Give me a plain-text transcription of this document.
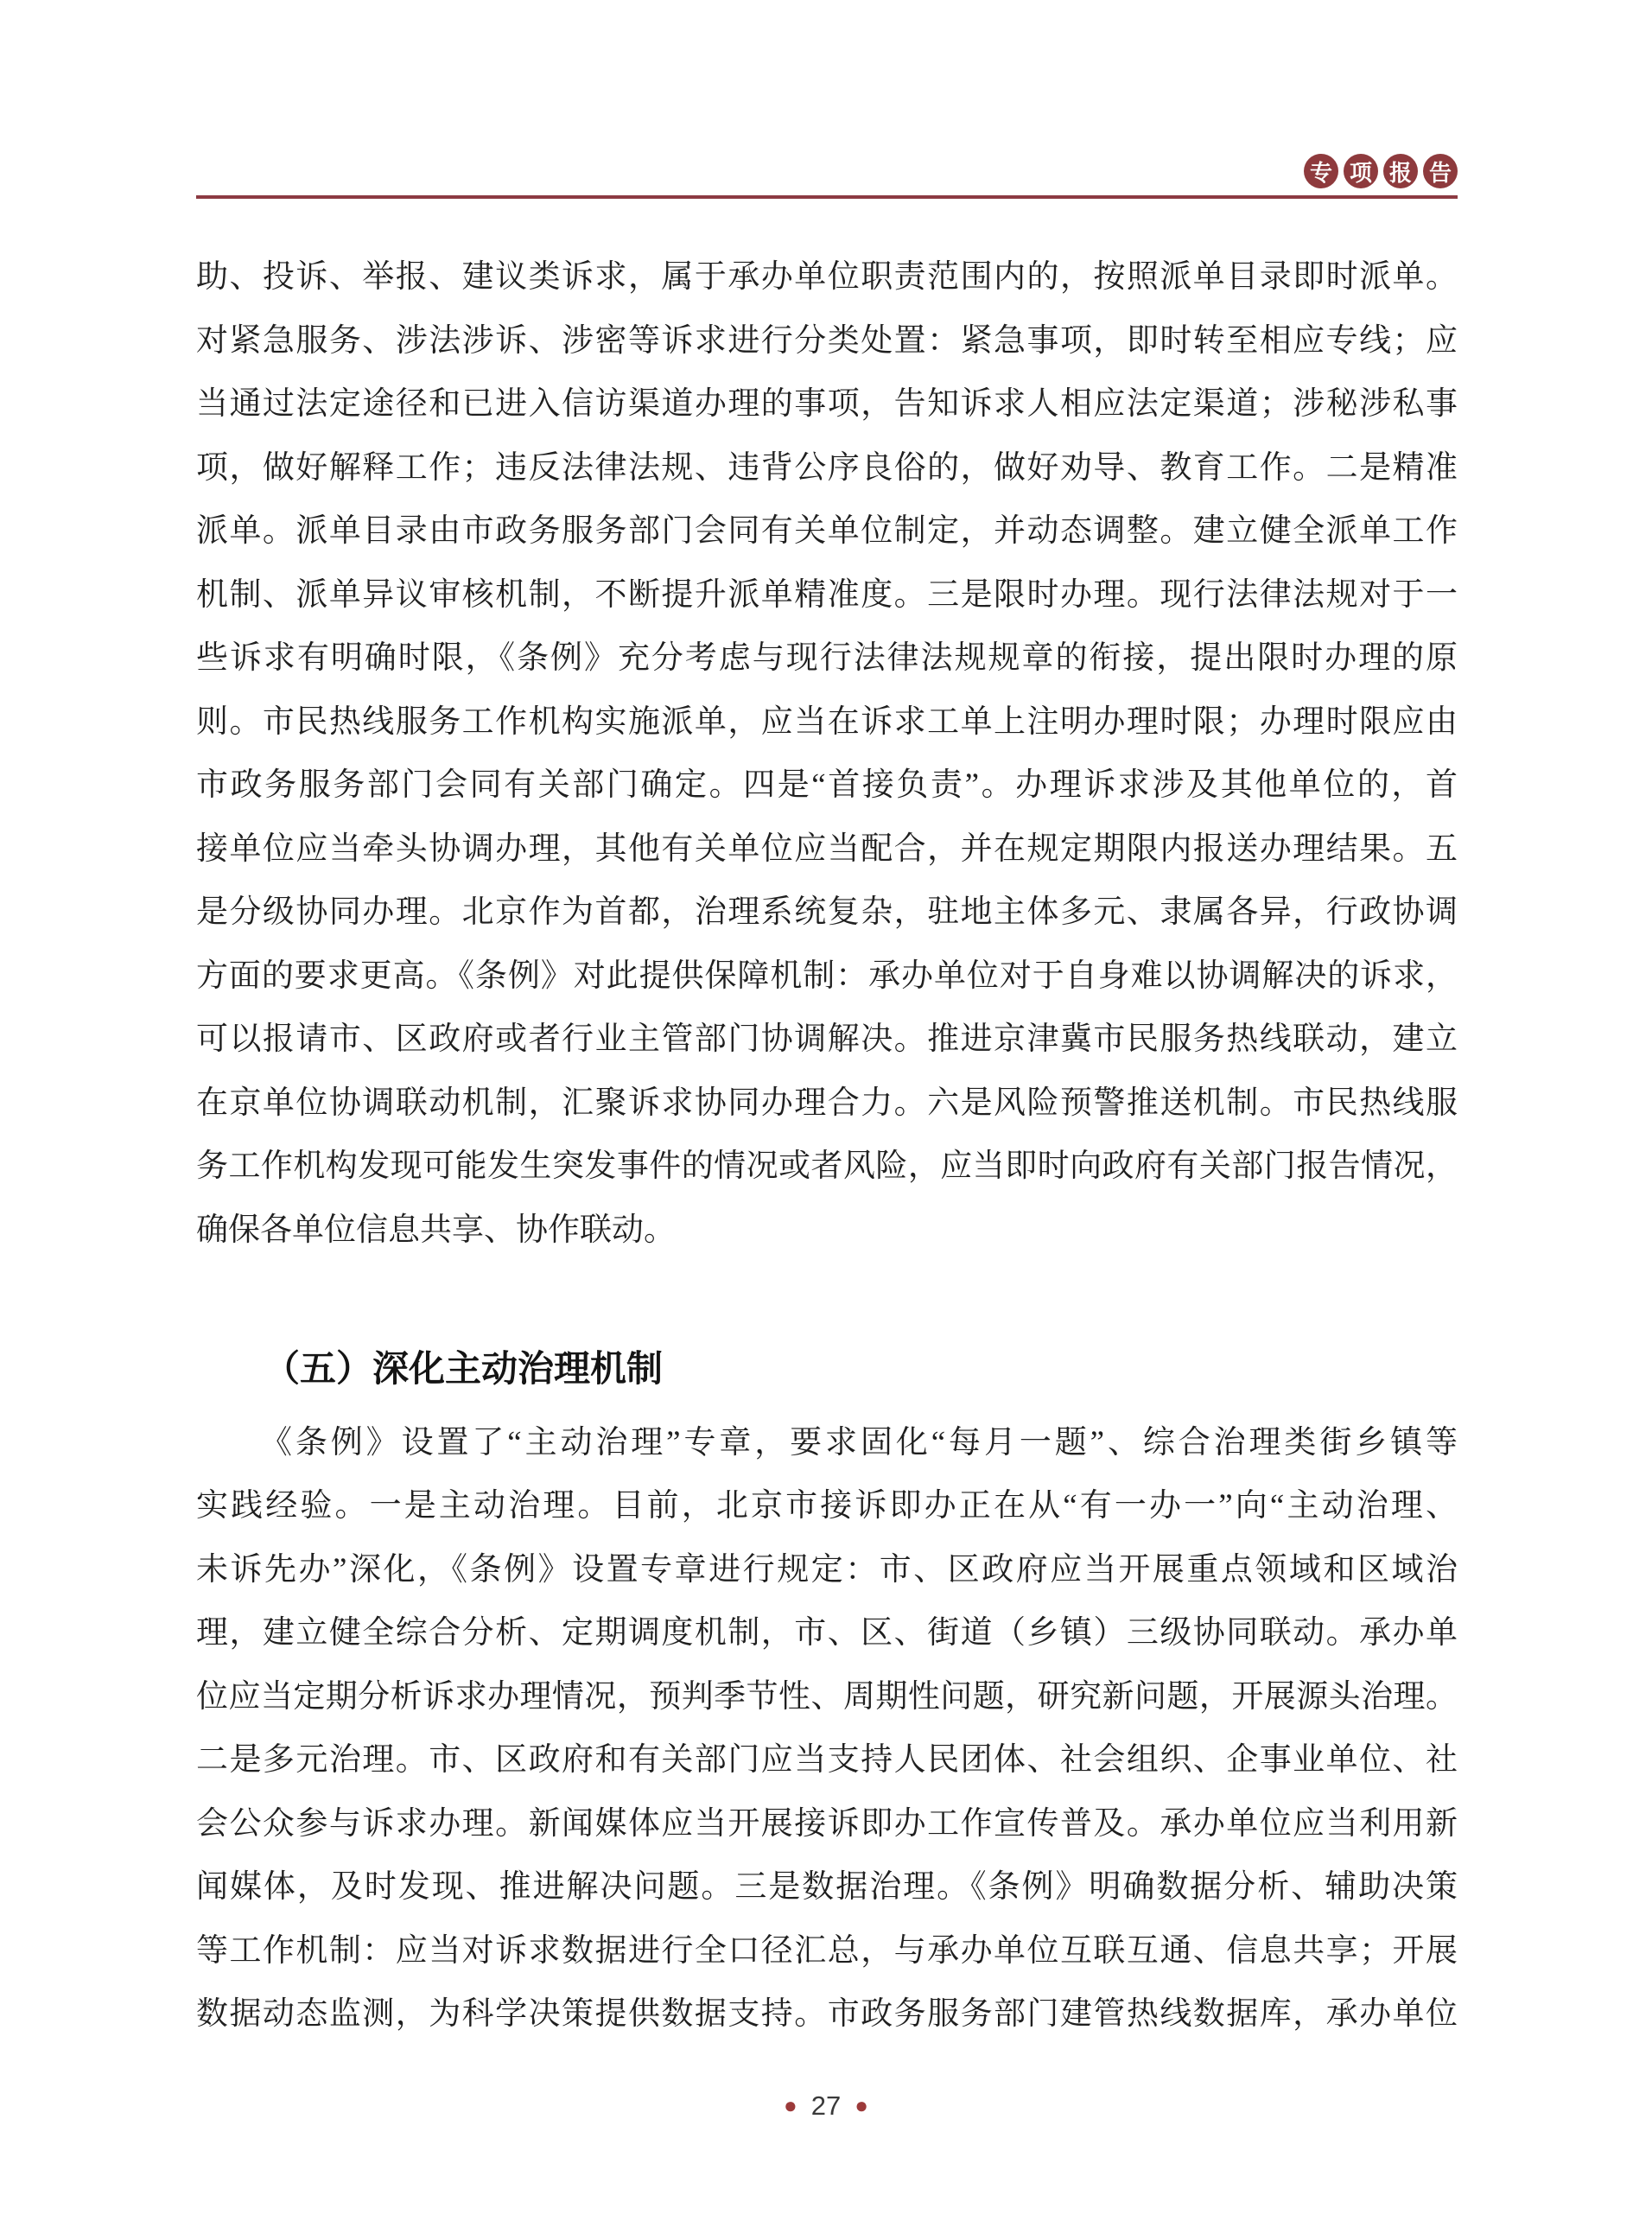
专 项 报 告
助、投诉、举报、建议类诉求，属于承办单位职责范围内的，按照派单目录即时派单。
对紧急服务、涉法涉诉、涉密等诉求进行分类处置：紧急事项，即时转至相应专线；应
当通过法定途径和已进入信访渠道办理的事项，告知诉求人相应法定渠道；涉秘涉私事
项，做好解释工作；违反法律法规、违背公序良俗的，做好劝导、教育工作。二是精准
派单。派单目录由市政务服务部门会同有关单位制定，并动态调整。建立健全派单工作
机制、派单异议审核机制，不断提升派单精准度。三是限时办理。现行法律法规对于一
些诉求有明确时限，《条例》充分考虑与现行法律法规规章的衔接，提出限时办理的原
则。市民热线服务工作机构实施派单，应当在诉求工单上注明办理时限；办理时限应由
市政务服务部门会同有关部门确定。四是“首接负责”。办理诉求涉及其他单位的，首
接单位应当牵头协调办理，其他有关单位应当配合，并在规定期限内报送办理结果。五
是分级协同办理。北京作为首都，治理系统复杂，驻地主体多元、隶属各异，行政协调
方面的要求更高。《条例》对此提供保障机制：承办单位对于自身难以协调解决的诉求，
可以报请市、区政府或者行业主管部门协调解决。推进京津冀市民服务热线联动，建立
在京单位协调联动机制，汇聚诉求协同办理合力。六是风险预警推送机制。市民热线服
务工作机构发现可能发生突发事件的情况或者风险，应当即时向政府有关部门报告情况，
确保各单位信息共享、协作联动。
（五）深化主动治理机制
《条例》设置了“主动治理”专章，要求固化“每月一题”、综合治理类街乡镇等
实践经验。一是主动治理。目前，北京市接诉即办正在从“有一办一”向“主动治理、
未诉先办”深化，《条例》设置专章进行规定：市、区政府应当开展重点领域和区域治
理，建立健全综合分析、定期调度机制，市、区、街道（乡镇）三级协同联动。承办单
位应当定期分析诉求办理情况，预判季节性、周期性问题，研究新问题，开展源头治理。
二是多元治理。市、区政府和有关部门应当支持人民团体、社会组织、企事业单位、社
会公众参与诉求办理。新闻媒体应当开展接诉即办工作宣传普及。承办单位应当利用新
闻媒体，及时发现、推进解决问题。三是数据治理。《条例》明确数据分析、辅助决策
等工作机制：应当对诉求数据进行全口径汇总，与承办单位互联互通、信息共享；开展
数据动态监测，为科学决策提供数据支持。市政务服务部门建管热线数据库，承办单位
● 27 ●
